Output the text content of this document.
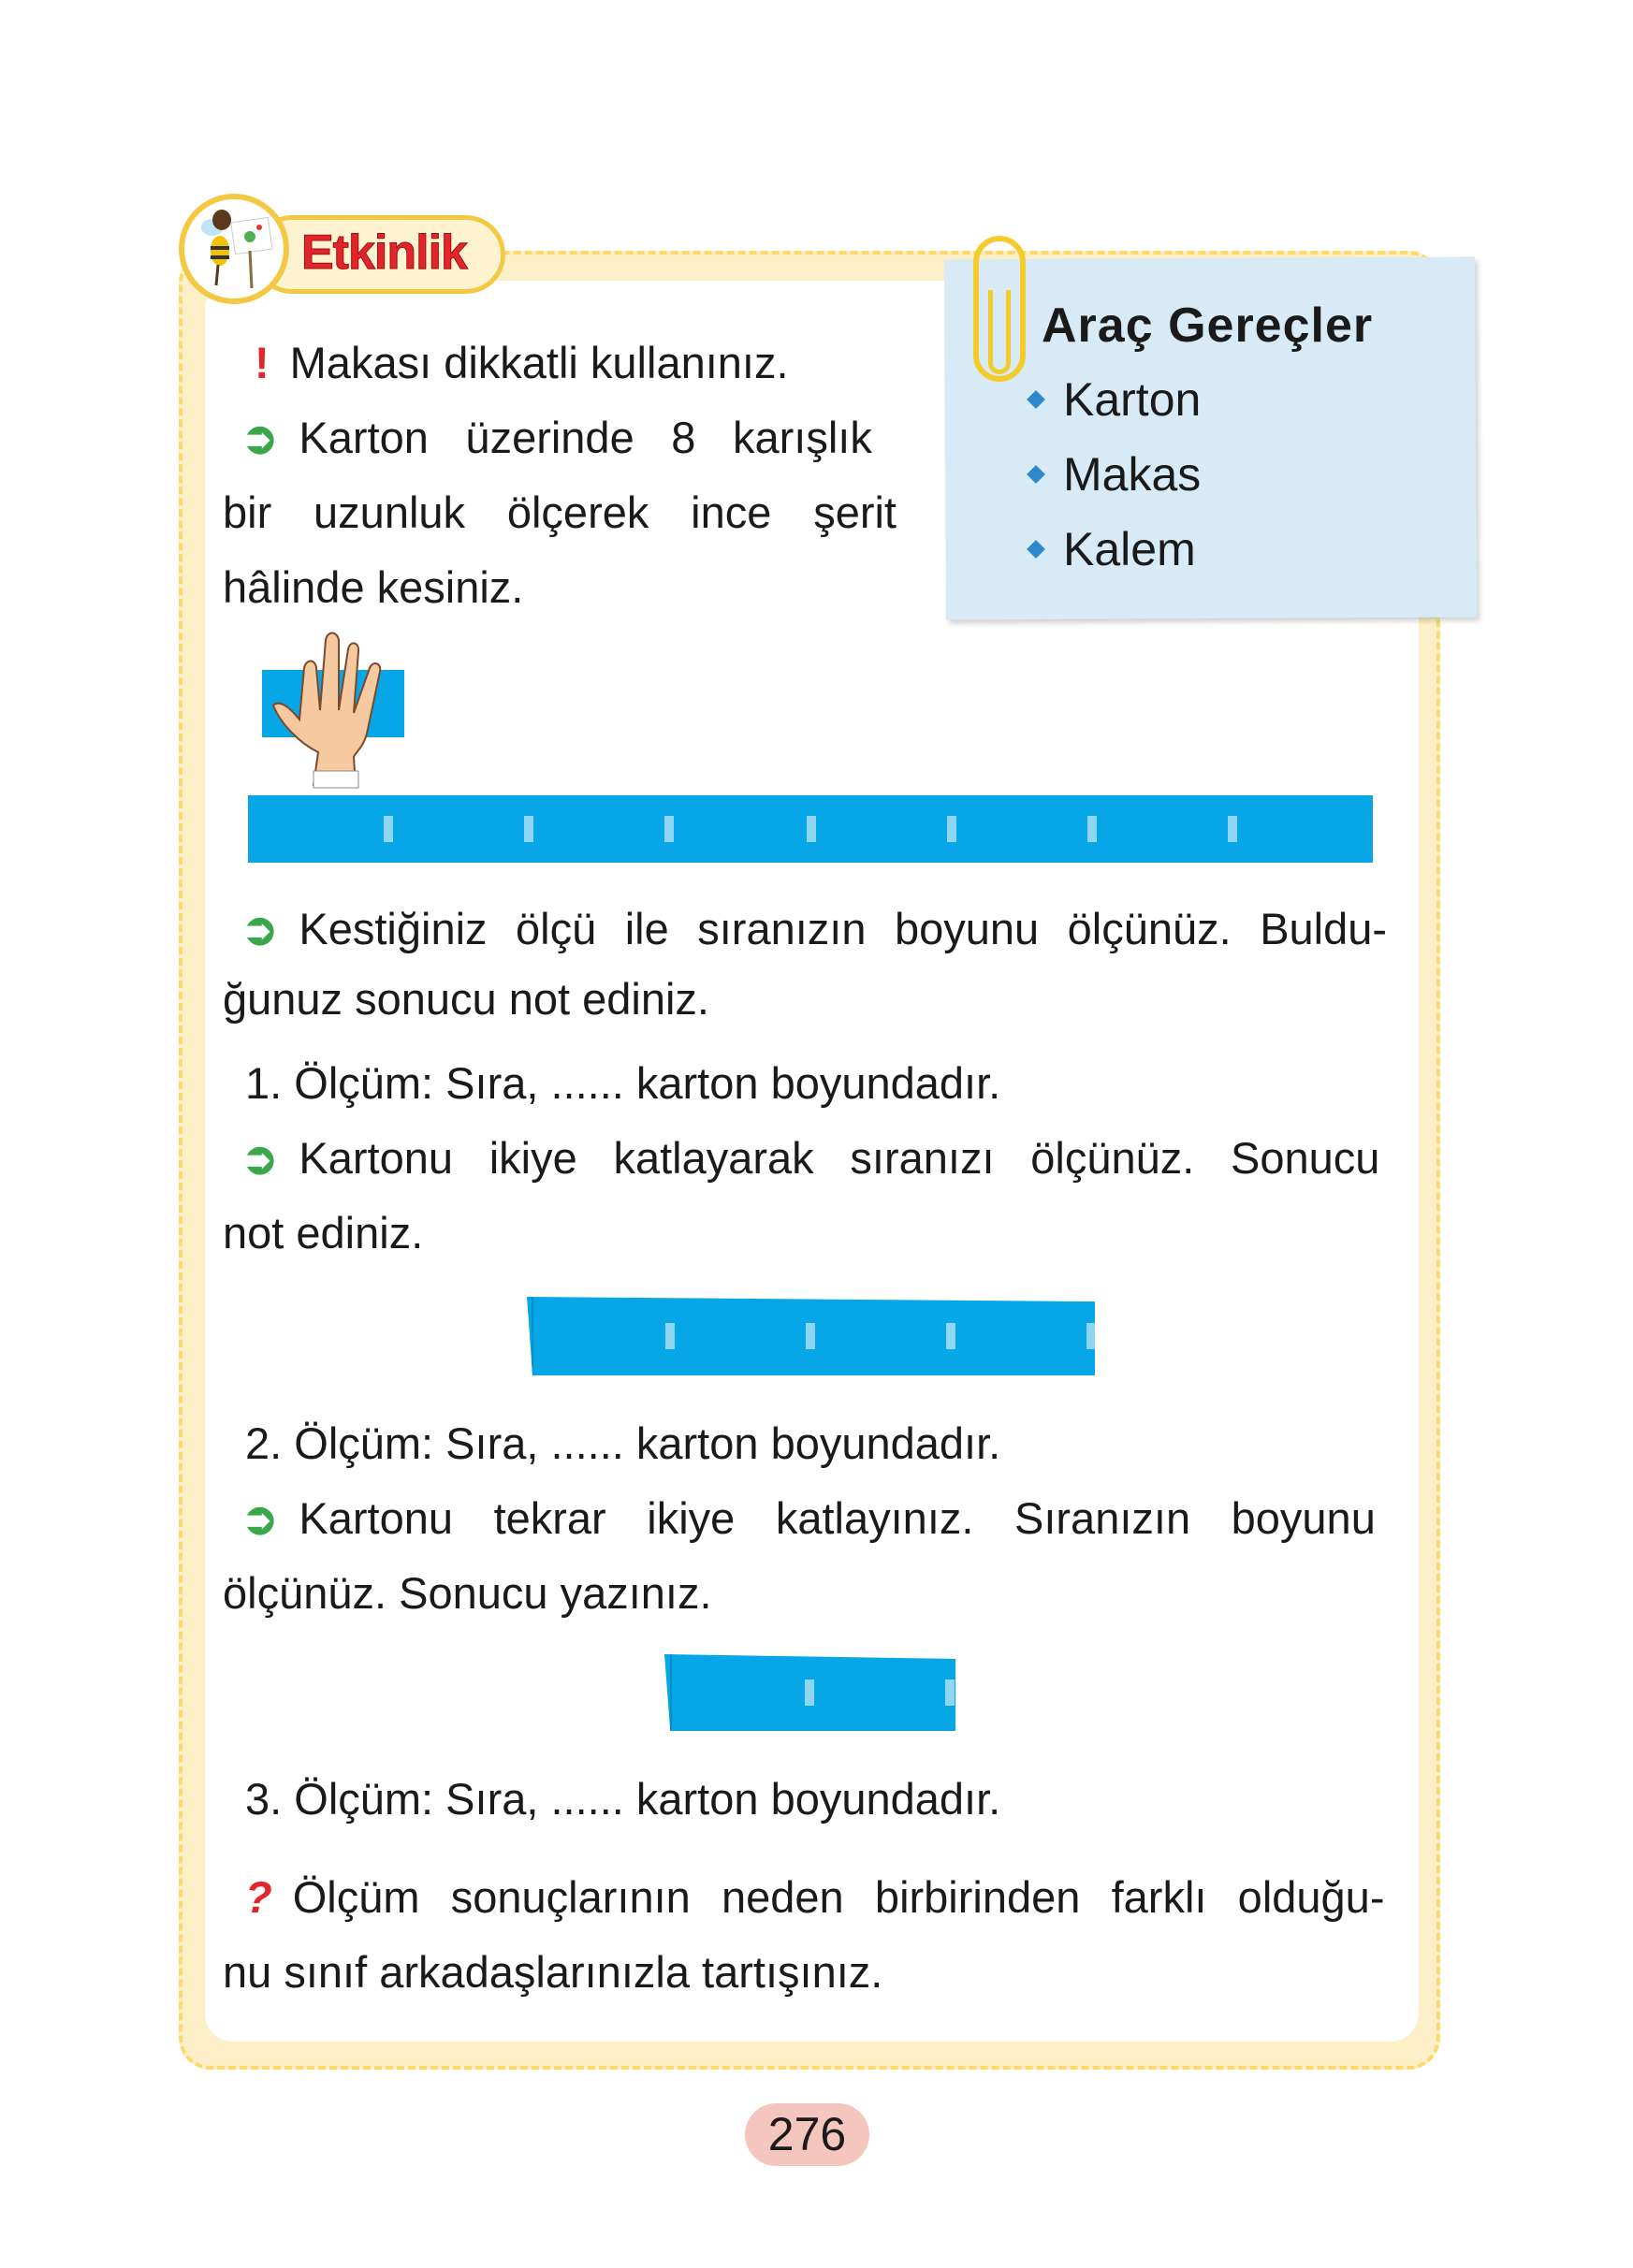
Etkinlik
Araç Gereçler
Karton
Makas
Kalem
! Makası dikkatli kullanınız.
➲ Karton üzerinde 8 karışlık
bir uzunluk ölçerek ince şerit
hâlinde kesiniz.
➲ Kestiğiniz ölçü ile sıranızın boyunu ölçünüz. Buldu-
ğunuz sonucu not ediniz.
1. Ölçüm: Sıra, ...... karton boyundadır.
➲ Kartonu ikiye katlayarak sıranızı ölçünüz. Sonucu
not ediniz.
2. Ölçüm: Sıra, ...... karton boyundadır.
➲ Kartonu tekrar ikiye katlayınız. Sıranızın boyunu
ölçünüz. Sonucu yazınız.
3. Ölçüm: Sıra, ...... karton boyundadır.
? Ölçüm sonuçlarının neden birbirinden farklı olduğu-
nu sınıf arkadaşlarınızla tartışınız.
276
